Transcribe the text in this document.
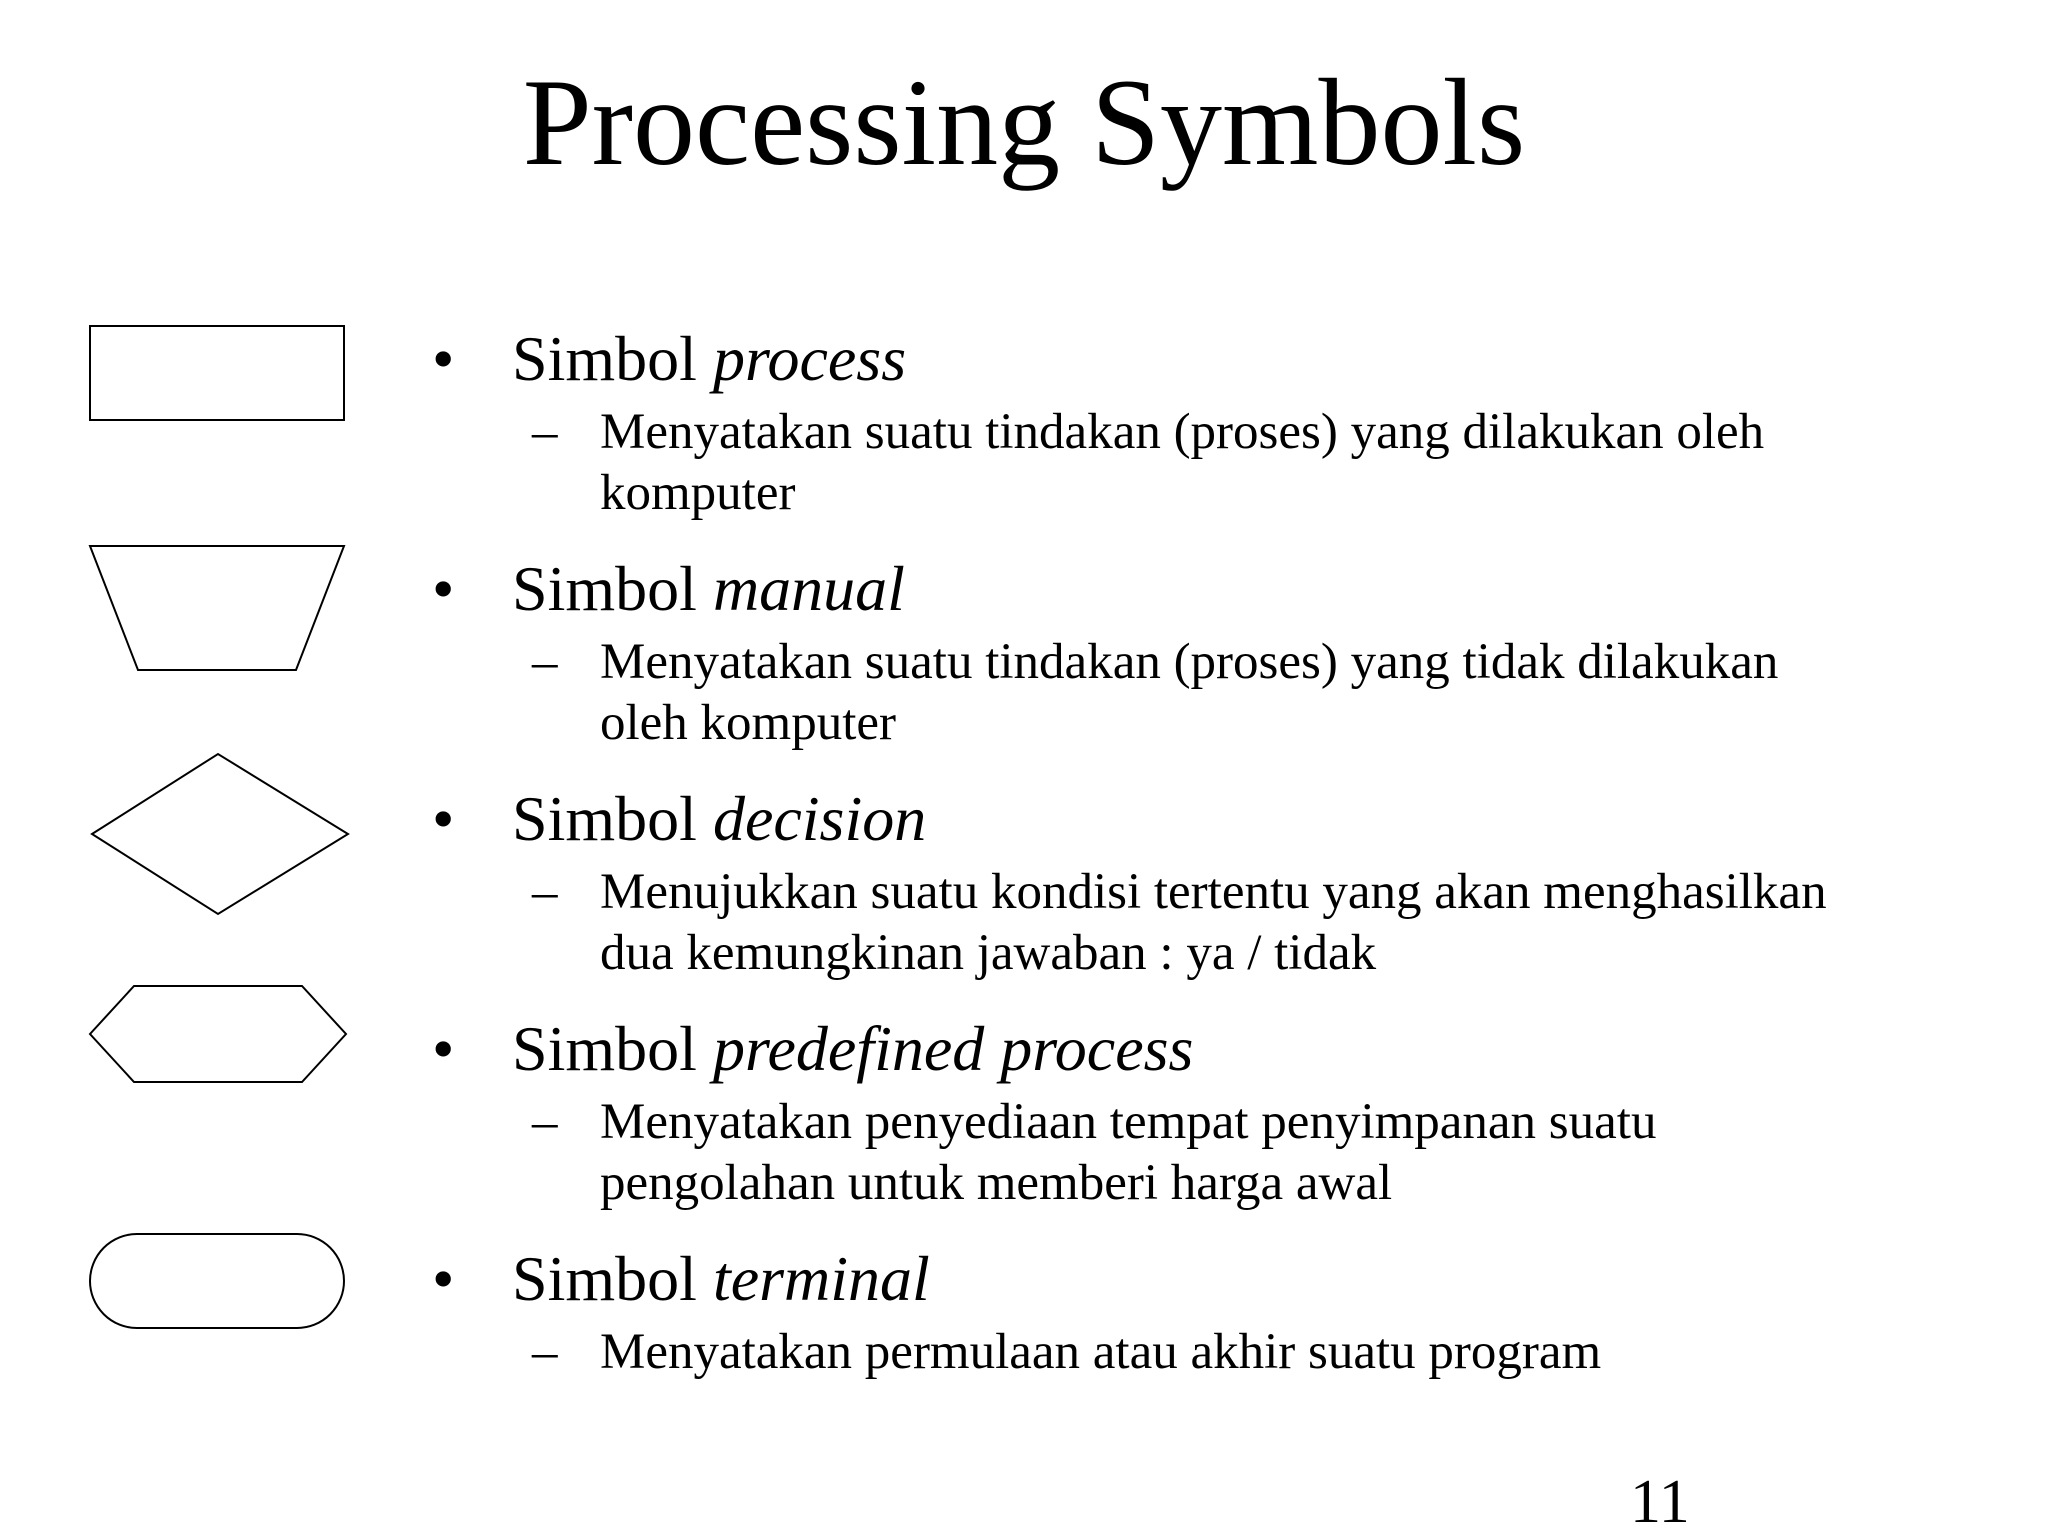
Processing Symbols
• Simbol process
– Menyatakan suatu tindakan (proses) yang dilakukan oleh komputer
• Simbol manual
– Menyatakan suatu tindakan (proses) yang tidak dilakukan oleh komputer
• Simbol decision
– Menujukkan suatu kondisi tertentu yang akan menghasilkan dua kemungkinan jawaban : ya / tidak
• Simbol predefined process
– Menyatakan penyediaan tempat penyimpanan suatu pengolahan untuk memberi harga awal
• Simbol terminal
– Menyatakan permulaan atau akhir suatu program
11
